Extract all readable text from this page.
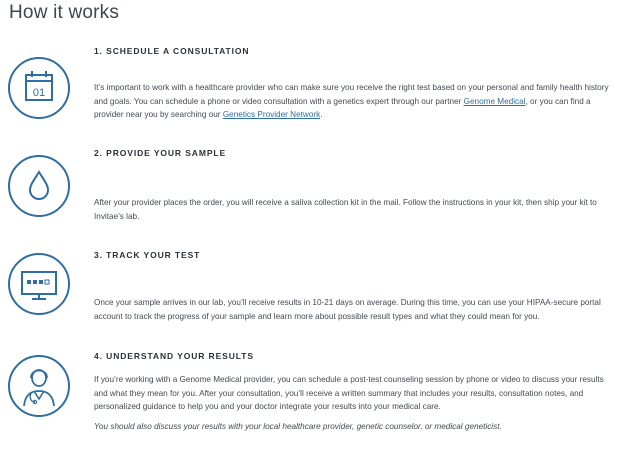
How it works
01
1. SCHEDULE A CONSULTATION

It’s important to work with a healthcare provider who can make sure you receive the right test based on your personal and family health history and goals. You can schedule a phone or video consultation with a genetics expert through our partner Genome Medical, or you can find a provider near you by searching our Genetics Provider Network.

2. PROVIDE YOUR SAMPLE

After your provider places the order, you will receive a saliva collection kit in the mail. Follow the instructions in your kit, then ship your kit to Invitae’s lab.

3. TRACK YOUR TEST

Once your sample arrives in our lab, you’ll receive results in 10-21 days on average. During this time, you can use your HIPAA-secure portal account to track the progress of your sample and learn more about possible result types and what they could mean for you.

4. UNDERSTAND YOUR RESULTS

If you’re working with a Genome Medical provider, you can schedule a post-test counseling session by phone or video to discuss your results and what they mean for you. After your consultation, you’ll receive a written summary that includes your results, consultation notes, and personalized guidance to help you and your doctor integrate your results into your medical care.

You should also discuss your results with your local healthcare provider, genetic counselor, or medical geneticist.
